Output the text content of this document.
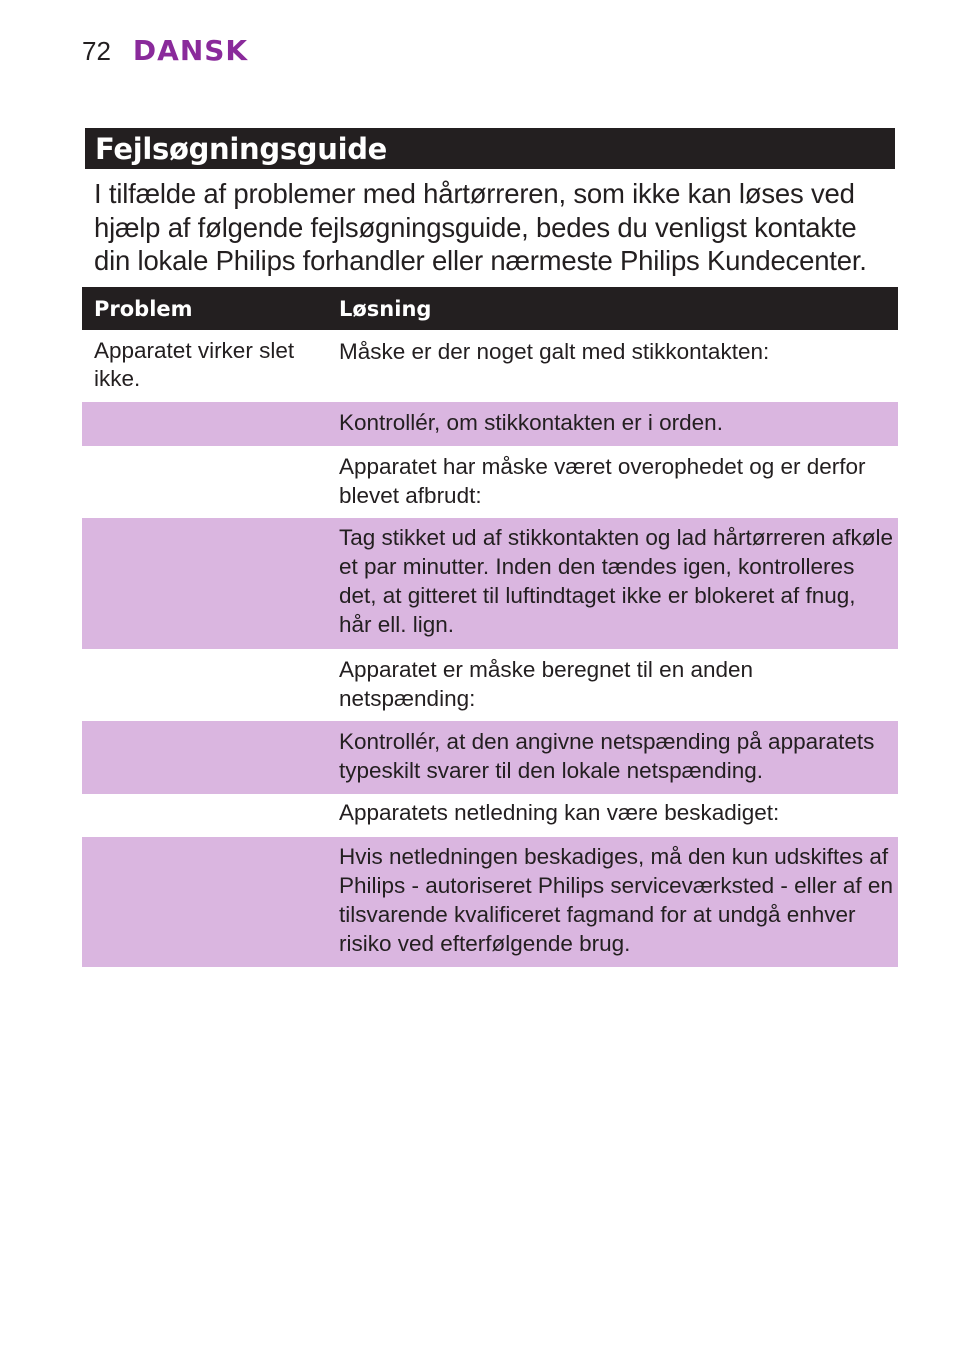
72 DANSK
Fejlsøgningsguide
I tilfælde af problemer med hårtørreren, som ikke kan løses ved hjælp af følgende fejlsøgningsguide, bedes du venligst kontakte din lokale Philips forhandler eller nærmeste Philips Kundecenter.
Problem	Løsning
Apparatet virker slet ikke.
Måske er der noget galt med stikkontakten:
Kontrollér, om stikkontakten er i orden.
Apparatet har måske været overophedet og er derfor blevet afbrudt:
Tag stikket ud af stikkontakten og lad hårtørreren afkøle et par minutter. Inden den tændes igen, kontrolleres det, at gitteret til luftindtaget ikke er blokeret af fnug, hår ell. lign.
Apparatet er måske beregnet til en anden netspænding:
Kontrollér, at den angivne netspænding på apparatets typeskilt svarer til den lokale netspænding.
Apparatets netledning kan være beskadiget:
Hvis netledningen beskadiges, må den kun udskiftes af Philips - autoriseret Philips serviceværksted - eller af en tilsvarende kvalificeret fagmand for at undgå enhver risiko ved efterfølgende brug.
